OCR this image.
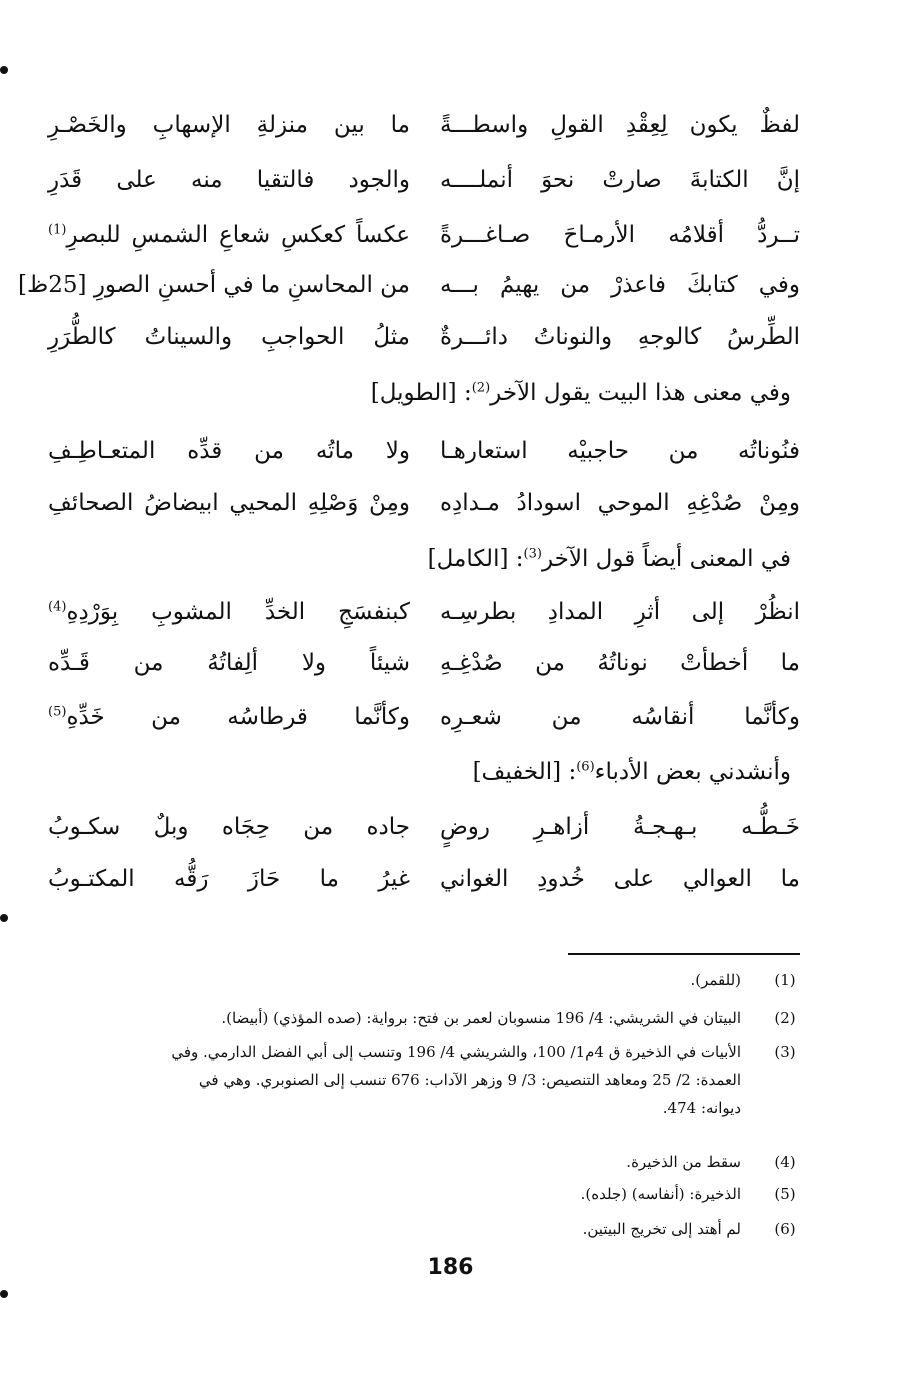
لفظٌ يكون لِعِقْدِ القولِ واسطـــةً
ما بين منزلةِ الإسهابِ والخَصْـرِ
إنَّ الكتابةَ صارتْ نحوَ أنملــــه
والجود فالتقيا منه على قَدَرِ
تــردُّ أقلامُه الأرمـاحَ صـاغـــرةً
عكساً كعكسِ شعاعِ الشمسِ للبصرِ$^{(1)}$
وفي كتابكَ فاعذرْ من يهيمُ بـــه
من المحاسنِ ما في أحسنِ الصورِ [25ظ]
الطِّرسُ كالوجهِ والنوناتُ دائـــرةٌ
مثلُ الحواجبِ والسيناتُ كالطُّرَرِ
وفي معنى هذا البيت يقول الآخر$^{(2)}$: [الطويل]
فنُوناتُه من حاجبيْه استعارهـا
ولا ماتُه من قدِّه المتعـاطِـفِ
ومِنْ صُدْغِهِ الموحي اسودادُ مـدادِه
ومِنْ وَصْلِهِ المحيي ابيضاضُ الصحائفِ
في المعنى أيضاً قول الآخر$^{(3)}$: [الكامل]
انظُرْ إلى أثرِ المدادِ بطرسِـه
كبنفسَجِ الخدِّ المشوبِ بِوَرْدِهِ$^{(4)}$
ما أخطأتْ نوناتُهُ من صُدْغِـهِ
شيئاً ولا ألِفاتُهُ من قَـدِّه
وكأنَّما أنقاسُه من شعـرِه
وكأنَّما قرطاسُه من خَدِّهِ$^{(5)}$
وأنشدني بعض الأدباء$^{(6)}$: [الخفيف]
خَـطُّـه بـهـجـةُ أزاهـرِ روضٍ
جاده من حِجَاه وبلٌ سكـوبُ
ما العوالي على خُدودِ الغواني
غيرُ ما حَازَ رَقُّه المكتـوبُ
(1)
(للقمر).
(2)
البيتان في الشريشي: 4/ 196 منسوبان لعمر بن فتح: برواية: (صده المؤذي) (أبيضا).
(3)
الأبيات في الذخيرة ق 4م1/ 100، والشريشي 4/ 196 وتنسب إلى أبي الفضل الدارمي. وفي
العمدة: 2/ 25 ومعاهد التنصيص: 3/ 9 وزهر الآداب: 676 تنسب إلى الصنوبري. وهي في
ديوانه: 474.
(4)
سقط من الذخيرة.
(5)
الذخيرة: (أنفاسه) (جلده).
(6)
لم أهتد إلى تخريج البيتين.
186
